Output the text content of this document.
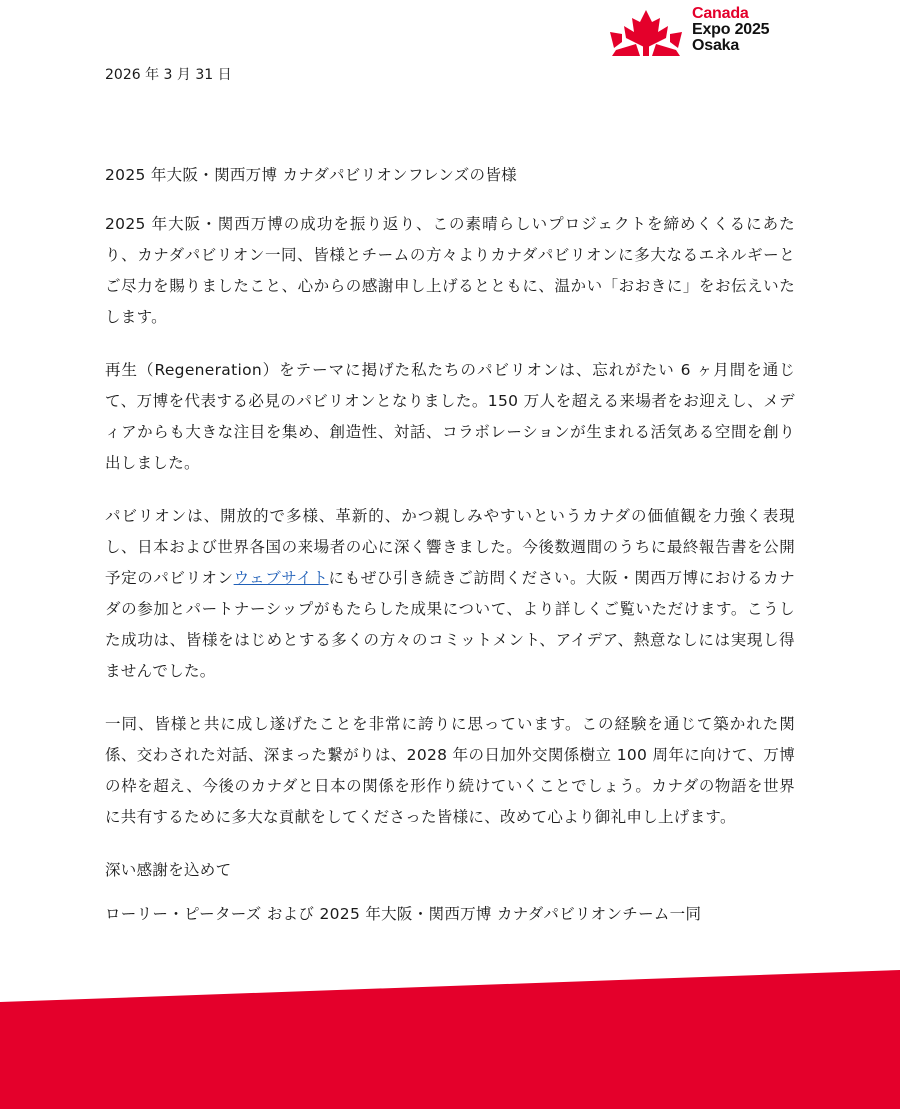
Canada
Expo 2025
Osaka
2026 年 3 月 31 日

2025 年大阪・関西万博 カナダパビリオンフレンズの皆様

2025 年大阪・関西万博の成功を振り返り、この素晴らしいプロジェクトを締めくくるにあたり、カナダパビリオン一同、皆様とチームの方々よりカナダパビリオンに多大なるエネルギーとご尽力を賜りましたこと、心からの感謝申し上げるとともに、温かい「おおきに」をお伝えいたします。

再生（Regeneration）をテーマに掲げた私たちのパビリオンは、忘れがたい 6 ヶ月間を通じて、万博を代表する必見のパビリオンとなりました。150 万人を超える来場者をお迎えし、メディアからも大きな注目を集め、創造性、対話、コラボレーションが生まれる活気ある空間を創り出しました。

パビリオンは、開放的で多様、革新的、かつ親しみやすいというカナダの価値観を力強く表現し、日本および世界各国の来場者の心に深く響きました。今後数週間のうちに最終報告書を公開予定のパビリオンウェブサイトにもぜひ引き続きご訪問ください。大阪・関西万博におけるカナダの参加とパートナーシップがもたらした成果について、より詳しくご覧いただけます。こうした成功は、皆様をはじめとする多くの方々のコミットメント、アイデア、熱意なしには実現し得ませんでした。

一同、皆様と共に成し遂げたことを非常に誇りに思っています。この経験を通じて築かれた関係、交わされた対話、深まった繋がりは、2028 年の日加外交関係樹立 100 周年に向けて、万博の枠を超え、今後のカナダと日本の関係を形作り続けていくことでしょう。カナダの物語を世界に共有するために多大な貢献をしてくださった皆様に、改めて心より御礼申し上げます。

深い感謝を込めて

ローリー・ピーターズ および 2025 年大阪・関西万博 カナダパビリオンチーム一同
